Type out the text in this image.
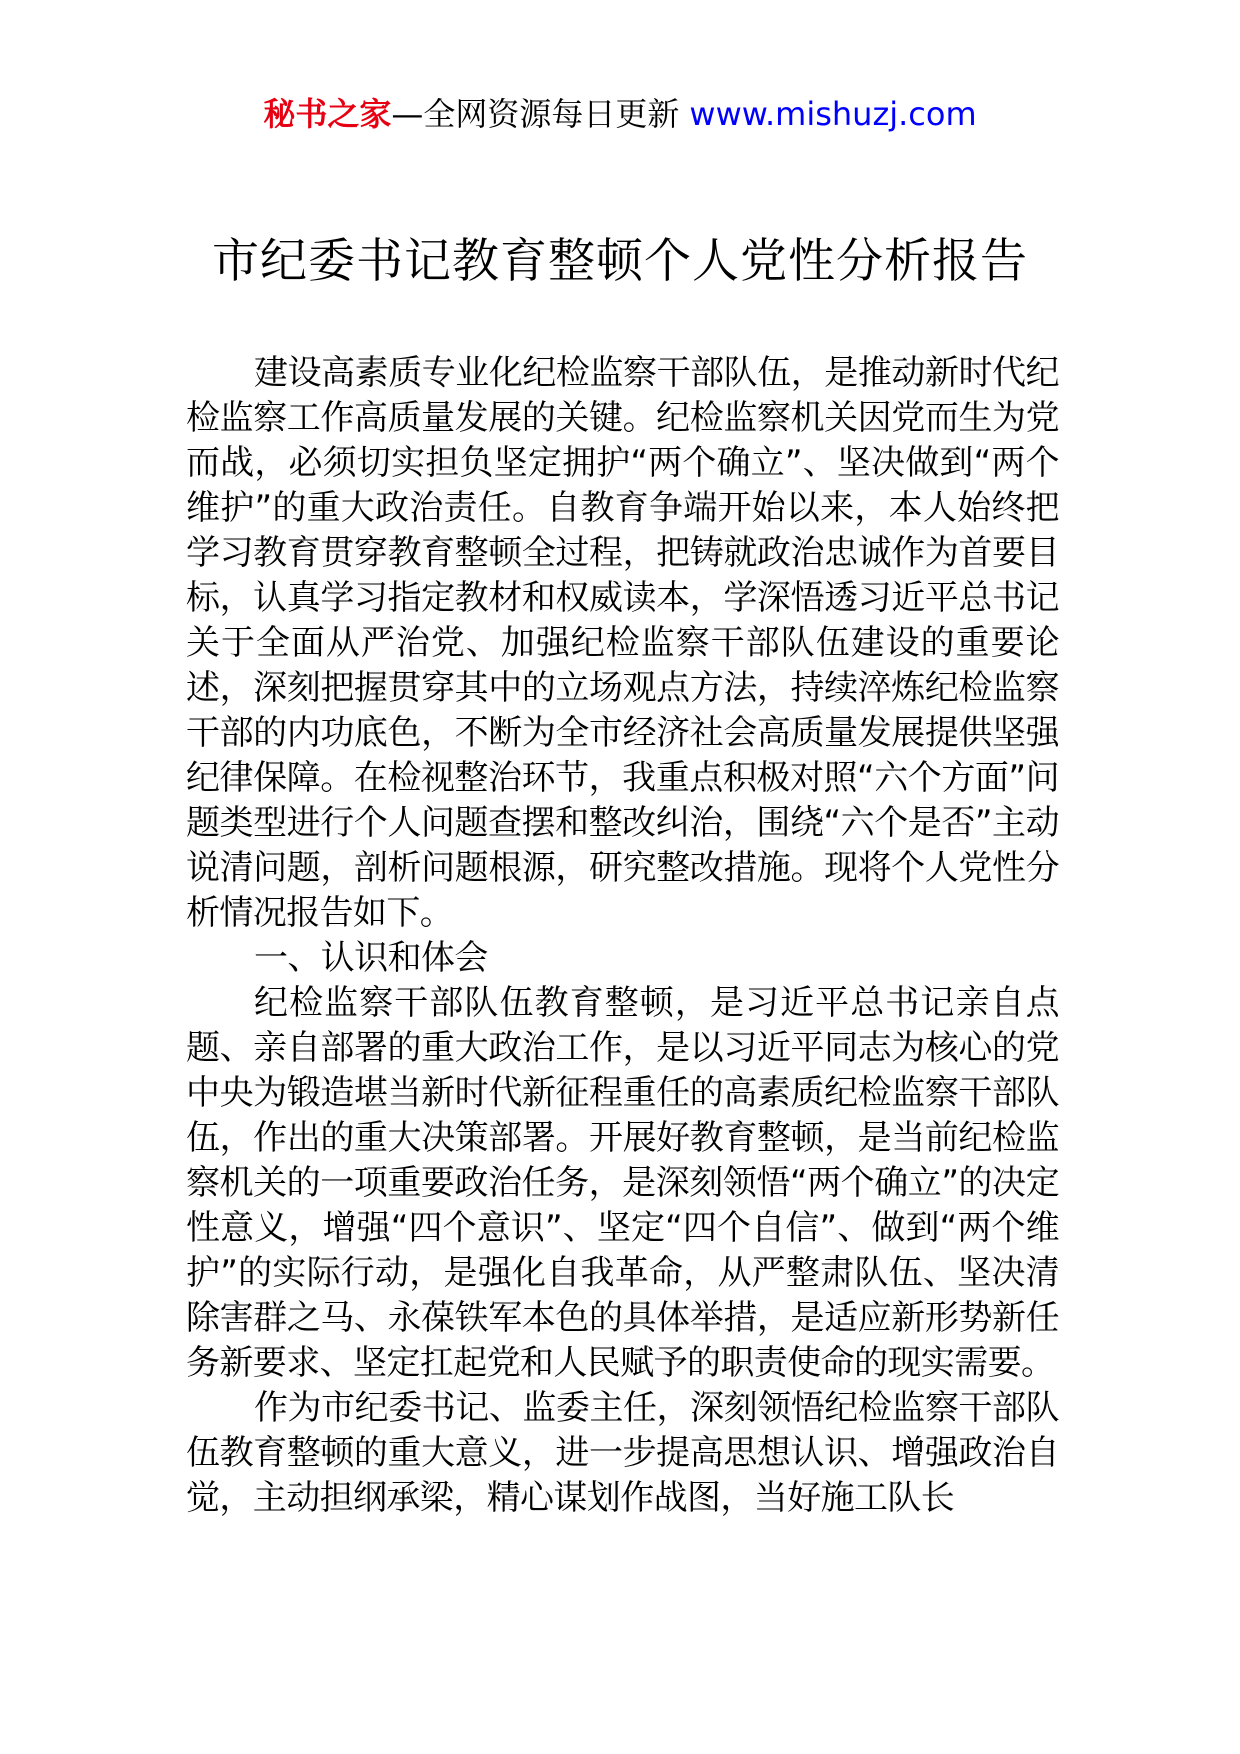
秘书之家—全网资源每日更新 www.mishuzj.com
市纪委书记教育整顿个人党性分析报告

建设高素质专业化纪检监察干部队伍，是推动新时代纪检监察工作高质量发展的关键。纪检监察机关因党而生为党而战，必须切实担负坚定拥护“两个确立”、坚决做到“两个维护”的重大政治责任。自教育争端开始以来，本人始终把学习教育贯穿教育整顿全过程，把铸就政治忠诚作为首要目标，认真学习指定教材和权威读本，学深悟透习近平总书记关于全面从严治党、加强纪检监察干部队伍建设的重要论述，深刻把握贯穿其中的立场观点方法，持续淬炼纪检监察干部的内功底色，不断为全市经济社会高质量发展提供坚强纪律保障。在检视整治环节，我重点积极对照“六个方面”问题类型进行个人问题查摆和整改纠治，围绕“六个是否”主动说清问题，剖析问题根源，研究整改措施。现将个人党性分析情况报告如下。

一、认识和体会

纪检监察干部队伍教育整顿，是习近平总书记亲自点题、亲自部署的重大政治工作，是以习近平同志为核心的党中央为锻造堪当新时代新征程重任的高素质纪检监察干部队伍，作出的重大决策部署。开展好教育整顿，是当前纪检监察机关的一项重要政治任务，是深刻领悟“两个确立”的决定性意义，增强“四个意识”、坚定“四个自信”、做到“两个维护”的实际行动，是强化自我革命，从严整肃队伍、坚决清除害群之马、永葆铁军本色的具体举措，是适应新形势新任务新要求、坚定扛起党和人民赋予的职责使命的现实需要。

作为市纪委书记、监委主任，深刻领悟纪检监察干部队伍教育整顿的重大意义，进一步提高思想认识、增强政治自觉，主动担纲承梁，精心谋划作战图，当好施工队长
